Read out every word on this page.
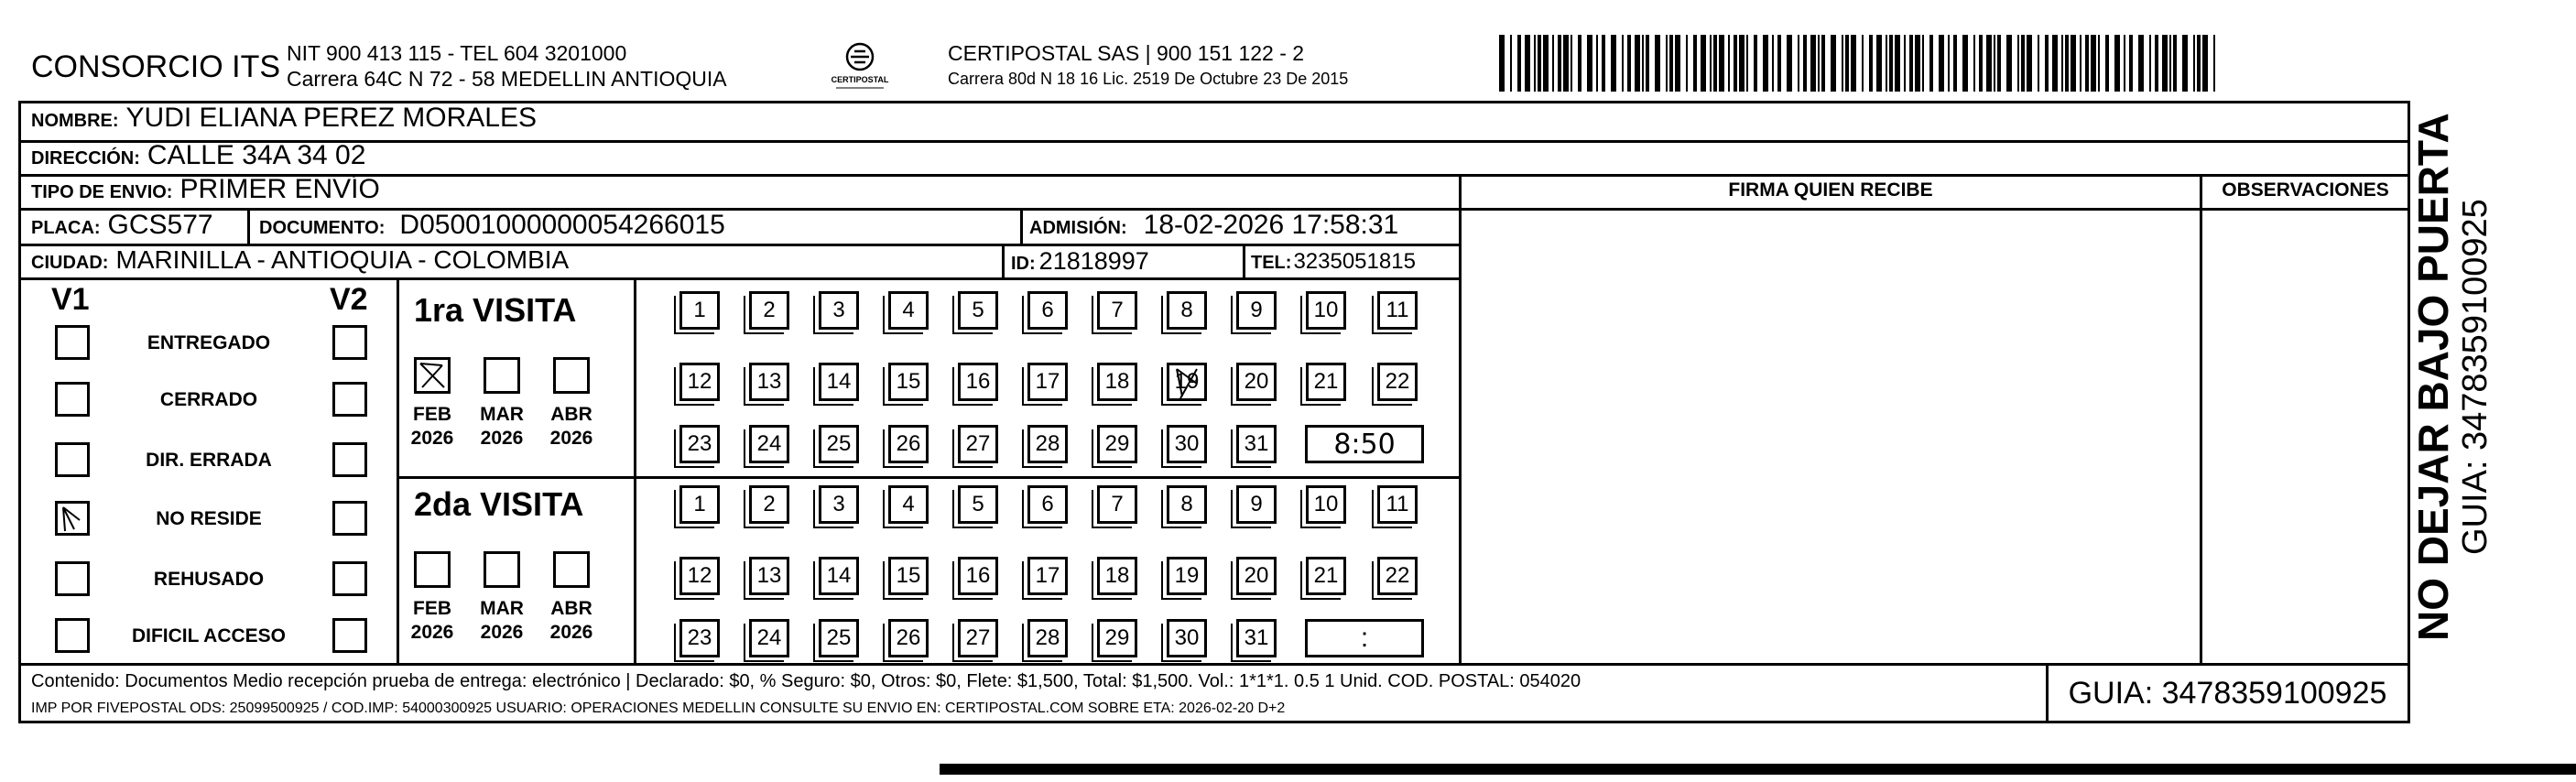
CONSORCIO ITS NIT 900 413 115 - TEL 604 3201000
Carrera 64C N 72 - 58 MEDELLIN ANTIOQUIA	CERTIPOSTAL
CERTIPOSTAL SAS | 900 151 122 - 2
Carrera 80d N 18 16 Lic. 2519 De Octubre 23 De 2015
NOMBRE: YUDI ELIANA PEREZ MORALES
DIRECCIÓN: CALLE 34A 34 02
TIPO DE ENVIO: PRIMER ENVÍO	FIRMA QUIEN RECIBE	OBSERVACIONES
PLACA: GCS577	DOCUMENTO: D05001000000054266015	ADMISIÓN: 18-02-2026 17:58:31
CIUDAD: MARINILLA - ANTIOQUIA - COLOMBIA	ID: 21818997	TEL: 3235051815
V1	V2
ENTREGADO
CERRADO
DIR. ERRADA
NO RESIDE
REHUSADO
DIFICIL ACCESO
1ra VISITA
FEB
2026
MAR
2026
ABR
2026
1	2	3	4	5	6	7	8	9 10 11
12 13 14 15 16 17 18 19 20 21 22
23 24 25 26 27 28 29 30 31 8:50
2da VISITA
FEB
2026
MAR
2026
ABR
2026
1	2	3	4	5	6	7	8	9 10 11
12 13 14 15 16 17 18 19 20 21 22
23 24 25 26 27 28 29 30 31	:
Contenido: Documentos Medio recepción prueba de entrega: electrónico | Declarado: $0, % Seguro: $0, Otros: $0, Flete: $1,500, Total: $1,500. Vol.: 1*1*1. 0.5 1 Unid. COD. POSTAL: 054020
IMP POR FIVEPOSTAL ODS: 25099500925 / COD.IMP: 54000300925 USUARIO: OPERACIONES MEDELLIN CONSULTE SU ENVIO EN: CERTIPOSTAL.COM SOBRE ETA: 2026-02-20 D+2	GUIA: 3478359100925
NO DEJAR BAJO PUERTA GUIA: 3478359100925
